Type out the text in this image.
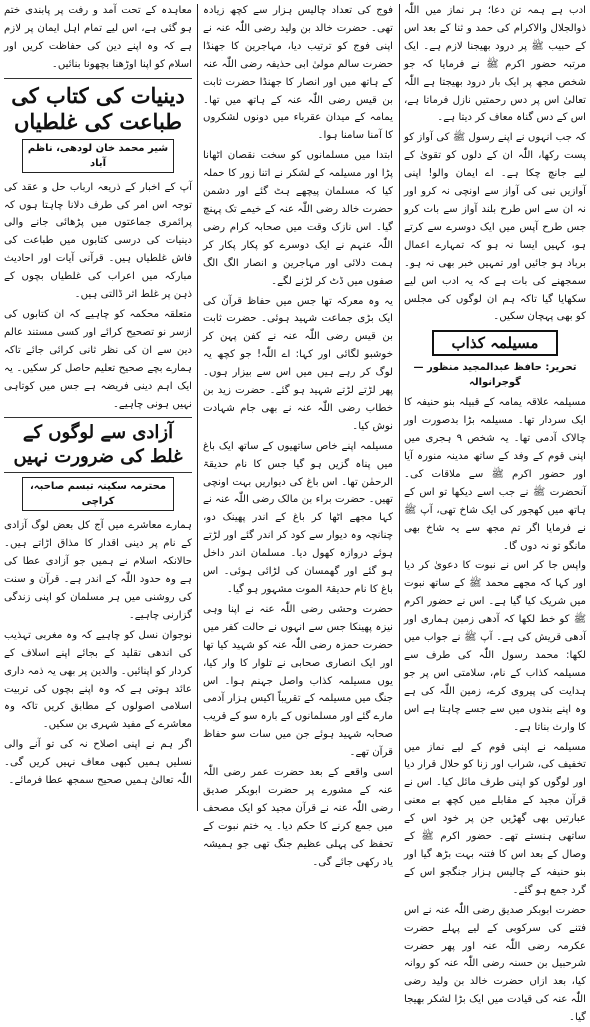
ادب ہے ہمہ تن دعا؛ ہر نماز میں اللّٰہ ذوالجلال والاکرام کی حمد و ثنا کے بعد اس کے حبیب ﷺ پر درود بھیجنا لازم ہے۔ ایک مرتبہ حضور اکرم ﷺ نے فرمایا کہ جو شخص مجھ پر ایک بار درود بھیجتا ہے اللّٰہ تعالیٰ اس پر دس رحمتیں نازل فرماتا ہے، اس کے دس گناہ معاف کر دیتا ہے۔

کہ جب انہوں نے اپنے رسول ﷺ کی آواز کو پست رکھا، اللّٰہ ان کے دلوں کو تقویٰ کے لیے جانچ چکا ہے۔ اے ایمان والو! اپنی آوازیں نبی کی آواز سے اونچی نہ کرو اور نہ ان سے اس طرح بلند آواز سے بات کرو جس طرح آپس میں ایک دوسرے سے کرتے ہو، کہیں ایسا نہ ہو کہ تمہارے اعمال برباد ہو جائیں اور تمہیں خبر بھی نہ ہو۔ سمجھنے کی بات ہے کہ یہ ادب اس لیے سکھایا گیا تاکہ ہم ان لوگوں کی مجلس کو بھی پہچان سکیں۔

مسیلمہ کذاب
تحریر: حافظ عبدالمجید منظور — گوجرانوالہ

مسیلمہ علاقہ یمامہ کے قبیلہ بنو حنیفہ کا ایک سردار تھا۔ مسیلمہ بڑا بدصورت اور چالاک آدمی تھا۔ یہ شخص ۹ ہجری میں اپنی قوم کے وفد کے ساتھ مدینہ منورہ آیا اور حضور اکرم ﷺ سے ملاقات کی۔ آنحضرت ﷺ نے جب اسے دیکھا تو اس کے ہاتھ میں کھجور کی ایک شاخ تھی، آپ ﷺ نے فرمایا اگر تم مجھ سے یہ شاخ بھی مانگو تو نہ دوں گا۔

واپس جا کر اس نے نبوت کا دعویٰ کر دیا اور کہا کہ مجھے محمد ﷺ کے ساتھ نبوت میں شریک کیا گیا ہے۔ اس نے حضور اکرم ﷺ کو خط لکھا کہ آدھی زمین ہماری اور آدھی قریش کی ہے۔ آپ ﷺ نے جواب میں لکھا: محمد رسول اللّٰہ کی طرف سے مسیلمہ کذاب کے نام، سلامتی اس پر جو ہدایت کی پیروی کرے، زمین اللّٰہ کی ہے وہ اپنے بندوں میں سے جسے چاہتا ہے اس کا وارث بناتا ہے۔

مسیلمہ نے اپنی قوم کے لیے نماز میں تخفیف کی، شراب اور زنا کو حلال قرار دیا اور لوگوں کو اپنی طرف مائل کیا۔ اس نے قرآن مجید کے مقابلے میں کچھ بے معنی عبارتیں بھی گھڑیں جن پر خود اس کے ساتھی ہنستے تھے۔ حضور اکرم ﷺ کے وصال کے بعد اس کا فتنہ بہت بڑھ گیا اور بنو حنیفہ کے چالیس ہزار جنگجو اس کے گرد جمع ہو گئے۔

حضرت ابوبکر صدیق رضی اللّٰہ عنہ نے اس فتنے کی سرکوبی کے لیے پہلے حضرت عکرمہ رضی اللّٰہ عنہ اور پھر حضرت شرحبیل بن حسنہ رضی اللّٰہ عنہ کو روانہ کیا، بعد ازاں حضرت خالد بن ولید رضی اللّٰہ عنہ کی قیادت میں ایک بڑا لشکر بھیجا گیا۔

فوج کی تعداد چالیس ہزار سے کچھ زیادہ تھی۔ حضرت خالد بن ولید رضی اللّٰہ عنہ نے اپنی فوج کو ترتیب دیا، مہاجرین کا جھنڈا حضرت سالم مولیٰ ابی حذیفہ رضی اللّٰہ عنہ کے ہاتھ میں اور انصار کا جھنڈا حضرت ثابت بن قیس رضی اللّٰہ عنہ کے ہاتھ میں تھا۔ یمامہ کے میدان عقرباء میں دونوں لشکروں کا آمنا سامنا ہوا۔

ابتدا میں مسلمانوں کو سخت نقصان اٹھانا پڑا اور مسیلمہ کے لشکر نے اتنا زور کا حملہ کیا کہ مسلمان پیچھے ہٹ گئے اور دشمن حضرت خالد رضی اللّٰہ عنہ کے خیمے تک پہنچ گیا۔ اس نازک وقت میں صحابہ کرام رضی اللّٰہ عنہم نے ایک دوسرے کو پکار پکار کر ہمت دلائی اور مہاجرین و انصار الگ الگ صفوں میں ڈٹ کر لڑنے لگے۔

یہ وہ معرکہ تھا جس میں حفاظ قرآن کی ایک بڑی جماعت شہید ہوئی۔ حضرت ثابت بن قیس رضی اللّٰہ عنہ نے کفن پہن کر خوشبو لگائی اور کہا: اے اللّٰہ! جو کچھ یہ لوگ کر رہے ہیں میں اس سے بیزار ہوں۔ پھر لڑتے لڑتے شہید ہو گئے۔ حضرت زید بن خطاب رضی اللّٰہ عنہ نے بھی جام شہادت نوش کیا۔

مسیلمہ اپنے خاص ساتھیوں کے ساتھ ایک باغ میں پناہ گزیں ہو گیا جس کا نام حدیقۃ الرحمٰن تھا۔ اس باغ کی دیواریں بہت اونچی تھیں۔ حضرت براء بن مالک رضی اللّٰہ عنہ نے کہا مجھے اٹھا کر باغ کے اندر پھینک دو، چنانچہ وہ دیوار سے کود کر اندر گئے اور لڑتے ہوئے دروازہ کھول دیا۔ مسلمان اندر داخل ہو گئے اور گھمسان کی لڑائی ہوئی۔ اس باغ کا نام حدیقۃ الموت مشہور ہو گیا۔

حضرت وحشی رضی اللّٰہ عنہ نے اپنا وہی نیزہ پھینکا جس سے انہوں نے حالت کفر میں حضرت حمزہ رضی اللّٰہ عنہ کو شہید کیا تھا اور ایک انصاری صحابی نے تلوار کا وار کیا، یوں مسیلمہ کذاب واصل جہنم ہوا۔ اس جنگ میں مسیلمہ کے تقریباً اکیس ہزار آدمی مارے گئے اور مسلمانوں کے بارہ سو کے قریب صحابہ شہید ہوئے جن میں سات سو حفاظ قرآن تھے۔

اسی واقعے کے بعد حضرت عمر رضی اللّٰہ عنہ کے مشورے پر حضرت ابوبکر صدیق رضی اللّٰہ عنہ نے قرآن مجید کو ایک مصحف میں جمع کرنے کا حکم دیا۔ یہ ختم نبوت کے تحفظ کی پہلی عظیم جنگ تھی جو ہمیشہ یاد رکھی جائے گی۔

معاہدہ کے تحت آمد و رفت پر پابندی ختم ہو گئی ہے، اس لیے تمام اہل ایمان پر لازم ہے کہ وہ اپنے دین کی حفاظت کریں اور اسلام کو اپنا اوڑھنا بچھونا بنائیں۔

دینیات کی کتاب کی طباعت کی غلطیاں
شیر محمد خان لودھی، ناظم آباد

آپ کے اخبار کے ذریعہ ارباب حل و عقد کی توجہ اس امر کی طرف دلانا چاہتا ہوں کہ پرائمری جماعتوں میں پڑھائی جانے والی دینیات کی درسی کتابوں میں طباعت کی فاش غلطیاں ہیں۔ قرآنی آیات اور احادیث مبارکہ میں اعراب کی غلطیاں بچوں کے ذہن پر غلط اثر ڈالتی ہیں۔

متعلقہ محکمہ کو چاہیے کہ ان کتابوں کی ازسر نو تصحیح کرائے اور کسی مستند عالم دین سے ان کی نظر ثانی کرائی جائے تاکہ ہمارے بچے صحیح تعلیم حاصل کر سکیں۔ یہ ایک اہم دینی فریضہ ہے جس میں کوتاہی نہیں ہونی چاہیے۔

آزادی سے لوگوں کے غلط کی ضرورت نہیں
محترمہ سکینہ تبسم صاحبہ، کراچی

ہمارے معاشرے میں آج کل بعض لوگ آزادی کے نام پر دینی اقدار کا مذاق اڑاتے ہیں۔ حالانکہ اسلام نے ہمیں جو آزادی عطا کی ہے وہ حدود اللّٰہ کے اندر ہے۔ قرآن و سنت کی روشنی میں ہر مسلمان کو اپنی زندگی گزارنی چاہیے۔

نوجوان نسل کو چاہیے کہ وہ مغربی تہذیب کی اندھی تقلید کے بجائے اپنے اسلاف کے کردار کو اپنائیں۔ والدین پر بھی یہ ذمہ داری عائد ہوتی ہے کہ وہ اپنے بچوں کی تربیت اسلامی اصولوں کے مطابق کریں تاکہ وہ معاشرے کے مفید شہری بن سکیں۔

اگر ہم نے اپنی اصلاح نہ کی تو آنے والی نسلیں ہمیں کبھی معاف نہیں کریں گی۔ اللّٰہ تعالیٰ ہمیں صحیح سمجھ عطا فرمائے۔
